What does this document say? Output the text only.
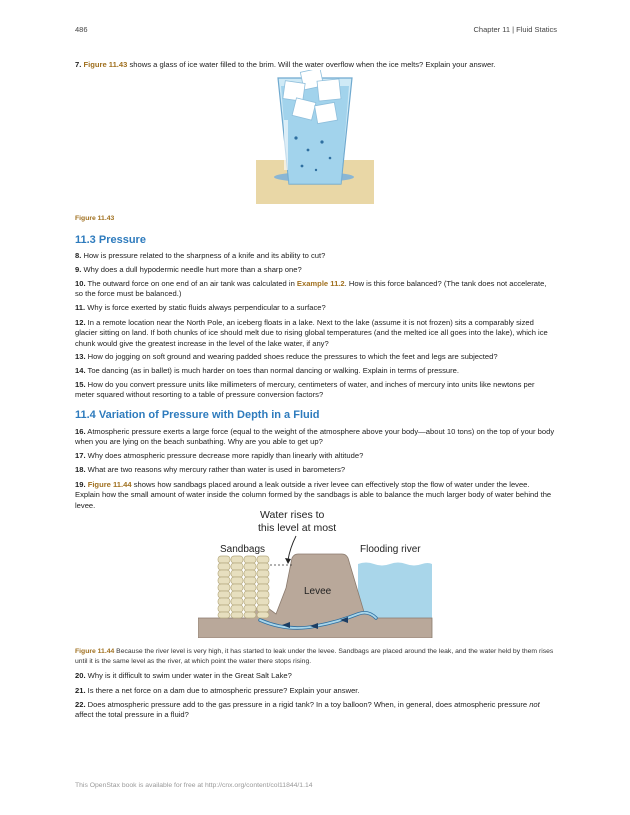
486	Chapter 11 | Fluid Statics
7. Figure 11.43 shows a glass of ice water filled to the brim. Will the water overflow when the ice melts? Explain your answer.
Figure 11.43
11.3 Pressure
8. How is pressure related to the sharpness of a knife and its ability to cut?
9. Why does a dull hypodermic needle hurt more than a sharp one?
10. The outward force on one end of an air tank was calculated in Example 11.2. How is this force balanced? (The tank does not accelerate, so the force must be balanced.)
11. Why is force exerted by static fluids always perpendicular to a surface?
12. In a remote location near the North Pole, an iceberg floats in a lake. Next to the lake (assume it is not frozen) sits a comparably sized glacier sitting on land. If both chunks of ice should melt due to rising global temperatures (and the melted ice all goes into the lake), which ice chunk would give the greatest increase in the level of the lake water, if any?
13. How do jogging on soft ground and wearing padded shoes reduce the pressures to which the feet and legs are subjected?
14. Toe dancing (as in ballet) is much harder on toes than normal dancing or walking. Explain in terms of pressure.
15. How do you convert pressure units like millimeters of mercury, centimeters of water, and inches of mercury into units like newtons per meter squared without resorting to a table of pressure conversion factors?
11.4 Variation of Pressure with Depth in a Fluid
16. Atmospheric pressure exerts a large force (equal to the weight of the atmosphere above your body—about 10 tons) on the top of your body when you are lying on the beach sunbathing. Why are you able to get up?
17. Why does atmospheric pressure decrease more rapidly than linearly with altitude?
18. What are two reasons why mercury rather than water is used in barometers?
19. Figure 11.44 shows how sandbags placed around a leak outside a river levee can effectively stop the flow of water under the levee. Explain how the small amount of water inside the column formed by the sandbags is able to balance the much larger body of water behind the levee.
Water rises to
this level at most
Sandbags	Flooding river
Levee
Figure 11.44 Because the river level is very high, it has started to leak under the levee. Sandbags are placed around the leak, and the water held by them rises until it is the same level as the river, at which point the water there stops rising.
20. Why is it difficult to swim under water in the Great Salt Lake?
21. Is there a net force on a dam due to atmospheric pressure? Explain your answer.
22. Does atmospheric pressure add to the gas pressure in a rigid tank? In a toy balloon? When, in general, does atmospheric pressure not affect the total pressure in a fluid?
This OpenStax book is available for free at http://cnx.org/content/col11844/1.14
